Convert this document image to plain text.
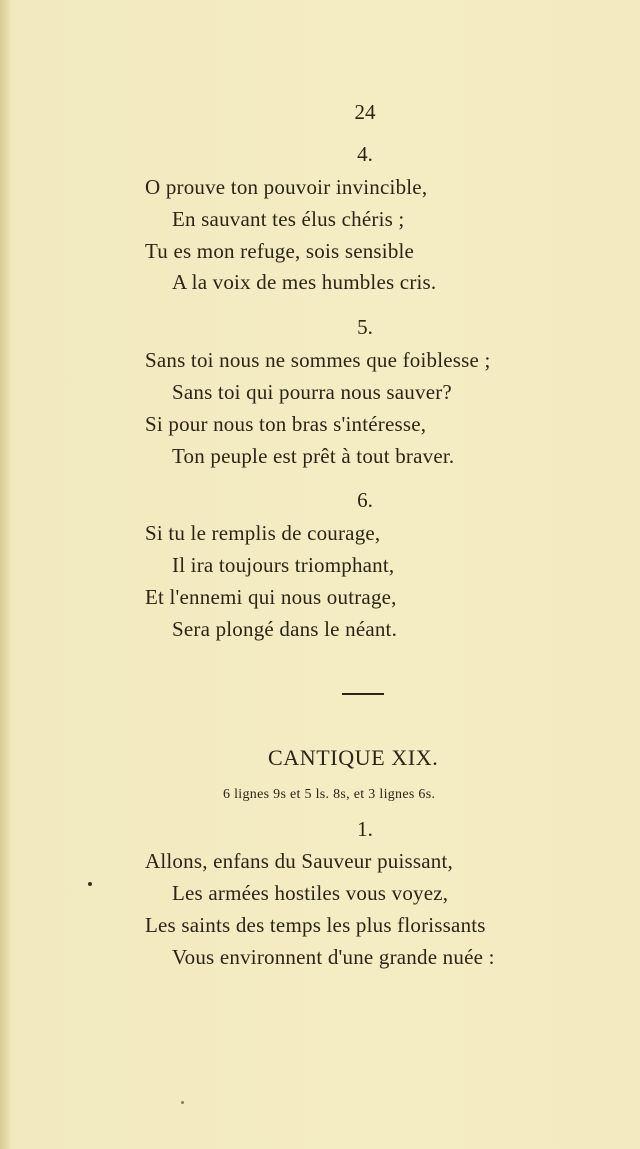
24
4.
O prouve ton pouvoir invincible,
En sauvant tes élus chéris ;
Tu es mon refuge, sois sensible
A la voix de mes humbles cris.
5.
Sans toi nous ne sommes que foiblesse ;
Sans toi qui pourra nous sauver?
Si pour nous ton bras s'intéresse,
Ton peuple est prêt à tout braver.
6.
Si tu le remplis de courage,
Il ira toujours triomphant,
Et l'ennemi qui nous outrage,
Sera plongé dans le néant.
CANTIQUE XIX.
6 lignes 9s et 5 ls. 8s, et 3 lignes 6s.
1.
Allons, enfans du Sauveur puissant,
Les armées hostiles vous voyez,
Les saints des temps les plus florissants
Vous environnent d'une grande nuée :
